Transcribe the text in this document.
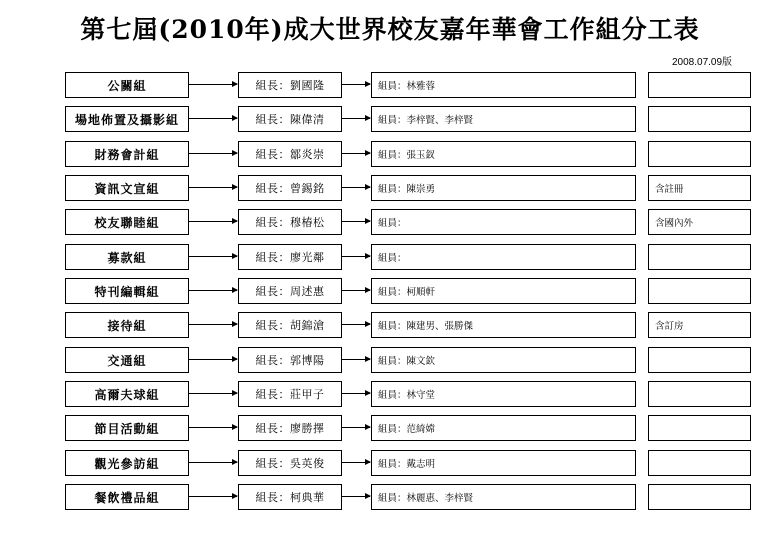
第七屆(2010年)成大世界校友嘉年華會工作組分工表
2008.07.09版
公關組	組長：劉國隆	組員：林雅蓉
場地佈置及攝影組	組長：陳偉清	組員：李梓賢、李梓賢
財務會計組	組長：鄒炎崇	組員：張玉釵
資訊文宣組	組長：曾錫銘	組員：陳崇勇	含註冊
校友聯睦組	組長：穆椿松	組員：	含國內外
募款組	組長：廖光鄰	組員：
特刊編輯組	組長：周述惠	組員：柯順軒
接待組	組長：胡錦滄	組員：陳建男、張勝傑	含訂房
交通組	組長：郭博陽	組員：陳文欽
高爾夫球組	組長：莊甲子	組員：林守堂
節目活動組	組長：廖勝擇	組員：范綺嫦
觀光參訪組	組長：吳英俊	組員：戴志明
餐飲禮品組	組長：柯典華	組員：林麗惠、李梓賢
